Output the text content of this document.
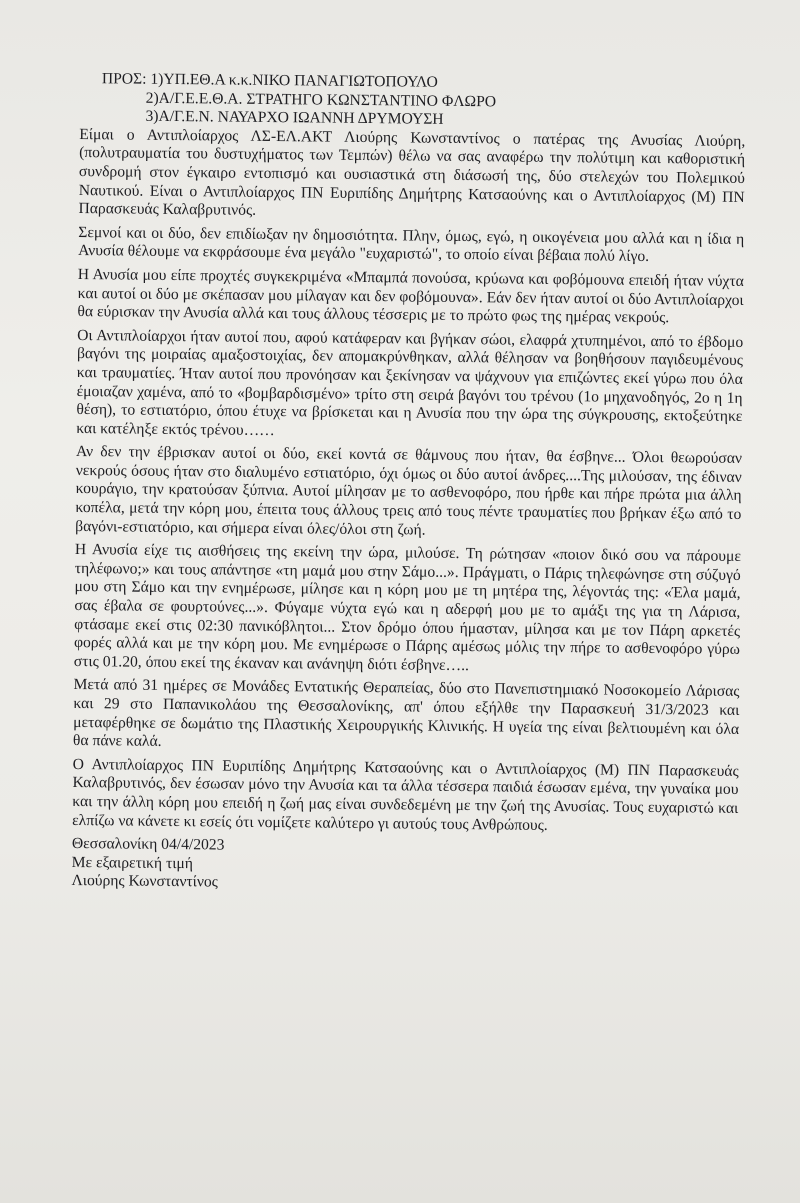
ΠΡΟΣ: 1)ΥΠ.ΕΘ.Α κ.κ.ΝΙΚΟ ΠΑΝΑΓΙΩΤΟΠΟΥΛΟ
2)Α/Γ.Ε.Ε.Θ.Α. ΣΤΡΑΤΗΓΟ ΚΩΝΣΤΑΝΤΙΝΟ ΦΛΩΡΟ
3)Α/Γ.Ε.Ν. ΝΑΥΑΡΧΟ ΙΩΑΝΝΗ ΔΡΥΜΟΥΣΗ

Είμαι ο Αντιπλοίαρχος ΛΣ-ΕΛ.ΑΚΤ Λιούρης Κωνσταντίνος ο πατέρας της Ανυσίας Λιούρη, (πολυτραυματία του δυστυχήματος των Τεμπών) θέλω να σας αναφέρω την πολύτιμη και καθοριστική συνδρομή στον έγκαιρο εντοπισμό και ουσιαστικά στη διάσωσή της, δύο στελεχών του Πολεμικού Ναυτικού. Είναι ο Αντιπλοίαρχος ΠΝ Ευριπίδης Δημήτρης Κατσαούνης και ο Αντιπλοίαρχος (Μ) ΠΝ Παρασκευάς Καλαβρυτινός.

Σεμνοί και οι δύο, δεν επιδίωξαν ην δημοσιότητα. Πλην, όμως, εγώ, η οικογένεια μου αλλά και η ίδια η Ανυσία θέλουμε να εκφράσουμε ένα μεγάλο "ευχαριστώ", το οποίο είναι βέβαια πολύ λίγο.

Η Ανυσία μου είπε προχτές συγκεκριμένα «Μπαμπά πονούσα, κρύωνα και φοβόμουνα επειδή ήταν νύχτα και αυτοί οι δύο με σκέπασαν μου μίλαγαν και δεν φοβόμουνα». Εάν δεν ήταν αυτοί οι δύο Αντιπλοίαρχοι θα εύρισκαν την Ανυσία αλλά και τους άλλους τέσσερις με το πρώτο φως της ημέρας νεκρούς.

Οι Αντιπλοίαρχοι ήταν αυτοί που, αφού κατάφεραν και βγήκαν σώοι, ελαφρά χτυπημένοι, από το έβδομο βαγόνι της μοιραίας αμαξοστοιχίας, δεν απομακρύνθηκαν, αλλά θέλησαν να βοηθήσουν παγιδευμένους και τραυματίες. Ήταν αυτοί που προνόησαν και ξεκίνησαν να ψάχνουν για επιζώντες εκεί γύρω που όλα έμοιαζαν χαμένα, από το «βομβαρδισμένο» τρίτο στη σειρά βαγόνι του τρένου (1ο μηχανοδηγός, 2ο η 1η θέση), το εστιατόριο, όπου έτυχε να βρίσκεται και η Ανυσία που την ώρα της σύγκρουσης, εκτοξεύτηκε και κατέληξε εκτός τρένου……

Αν δεν την έβρισκαν αυτοί οι δύο, εκεί κοντά σε θάμνους που ήταν, θα έσβηνε... Όλοι θεωρούσαν νεκρούς όσους ήταν στο διαλυμένο εστιατόριο, όχι όμως οι δύο αυτοί άνδρες....Της μιλούσαν, της έδιναν κουράγιο, την κρατούσαν ξύπνια. Αυτοί μίλησαν με το ασθενοφόρο, που ήρθε και πήρε πρώτα μια άλλη κοπέλα, μετά την κόρη μου, έπειτα τους άλλους τρεις από τους πέντε τραυματίες που βρήκαν έξω από το βαγόνι-εστιατόριο, και σήμερα είναι όλες/όλοι στη ζωή.

Η Ανυσία είχε τις αισθήσεις της εκείνη την ώρα, μιλούσε. Τη ρώτησαν «ποιον δικό σου να πάρουμε τηλέφωνο;» και τους απάντησε «τη μαμά μου στην Σάμο...». Πράγματι, ο Πάρις τηλεφώνησε στη σύζυγό μου στη Σάμο και την ενημέρωσε, μίλησε και η κόρη μου με τη μητέρα της, λέγοντάς της: «Έλα μαμά, σας έβαλα σε φουρτούνες...». Φύγαμε νύχτα εγώ και η αδερφή μου με το αμάξι της για τη Λάρισα, φτάσαμε εκεί στις 02:30 πανικόβλητοι... Στον δρόμο όπου ήμασταν, μίλησα και με τον Πάρη αρκετές φορές αλλά και με την κόρη μου. Με ενημέρωσε ο Πάρης αμέσως μόλις την πήρε το ασθενοφόρο γύρω στις 01.20, όπου εκεί της έκαναν και ανάνηψη διότι έσβηνε…..

Μετά από 31 ημέρες σε Μονάδες Εντατικής Θεραπείας, δύο στο Πανεπιστημιακό Νοσοκομείο Λάρισας και 29 στο Παπανικολάου της Θεσσαλονίκης, απ' όπου εξήλθε την Παρασκευή 31/3/2023 και μεταφέρθηκε σε δωμάτιο της Πλαστικής Χειρουργικής Κλινικής. Η υγεία της είναι βελτιουμένη και όλα θα πάνε καλά.

Ο Αντιπλοίαρχος ΠΝ Ευριπίδης Δημήτρης Κατσαούνης και ο Αντιπλοίαρχος (Μ) ΠΝ Παρασκευάς Καλαβρυτινός, δεν έσωσαν μόνο την Ανυσία και τα άλλα τέσσερα παιδιά έσωσαν εμένα, την γυναίκα μου και την άλλη κόρη μου επειδή η ζωή μας είναι συνδεδεμένη με την ζωή της Ανυσίας. Τους ευχαριστώ και ελπίζω να κάνετε κι εσείς ότι νομίζετε καλύτερο γι αυτούς τους Ανθρώπους.

Θεσσαλονίκη 04/4/2023
Με εξαιρετική τιμή
Λιούρης Κωνσταντίνος
